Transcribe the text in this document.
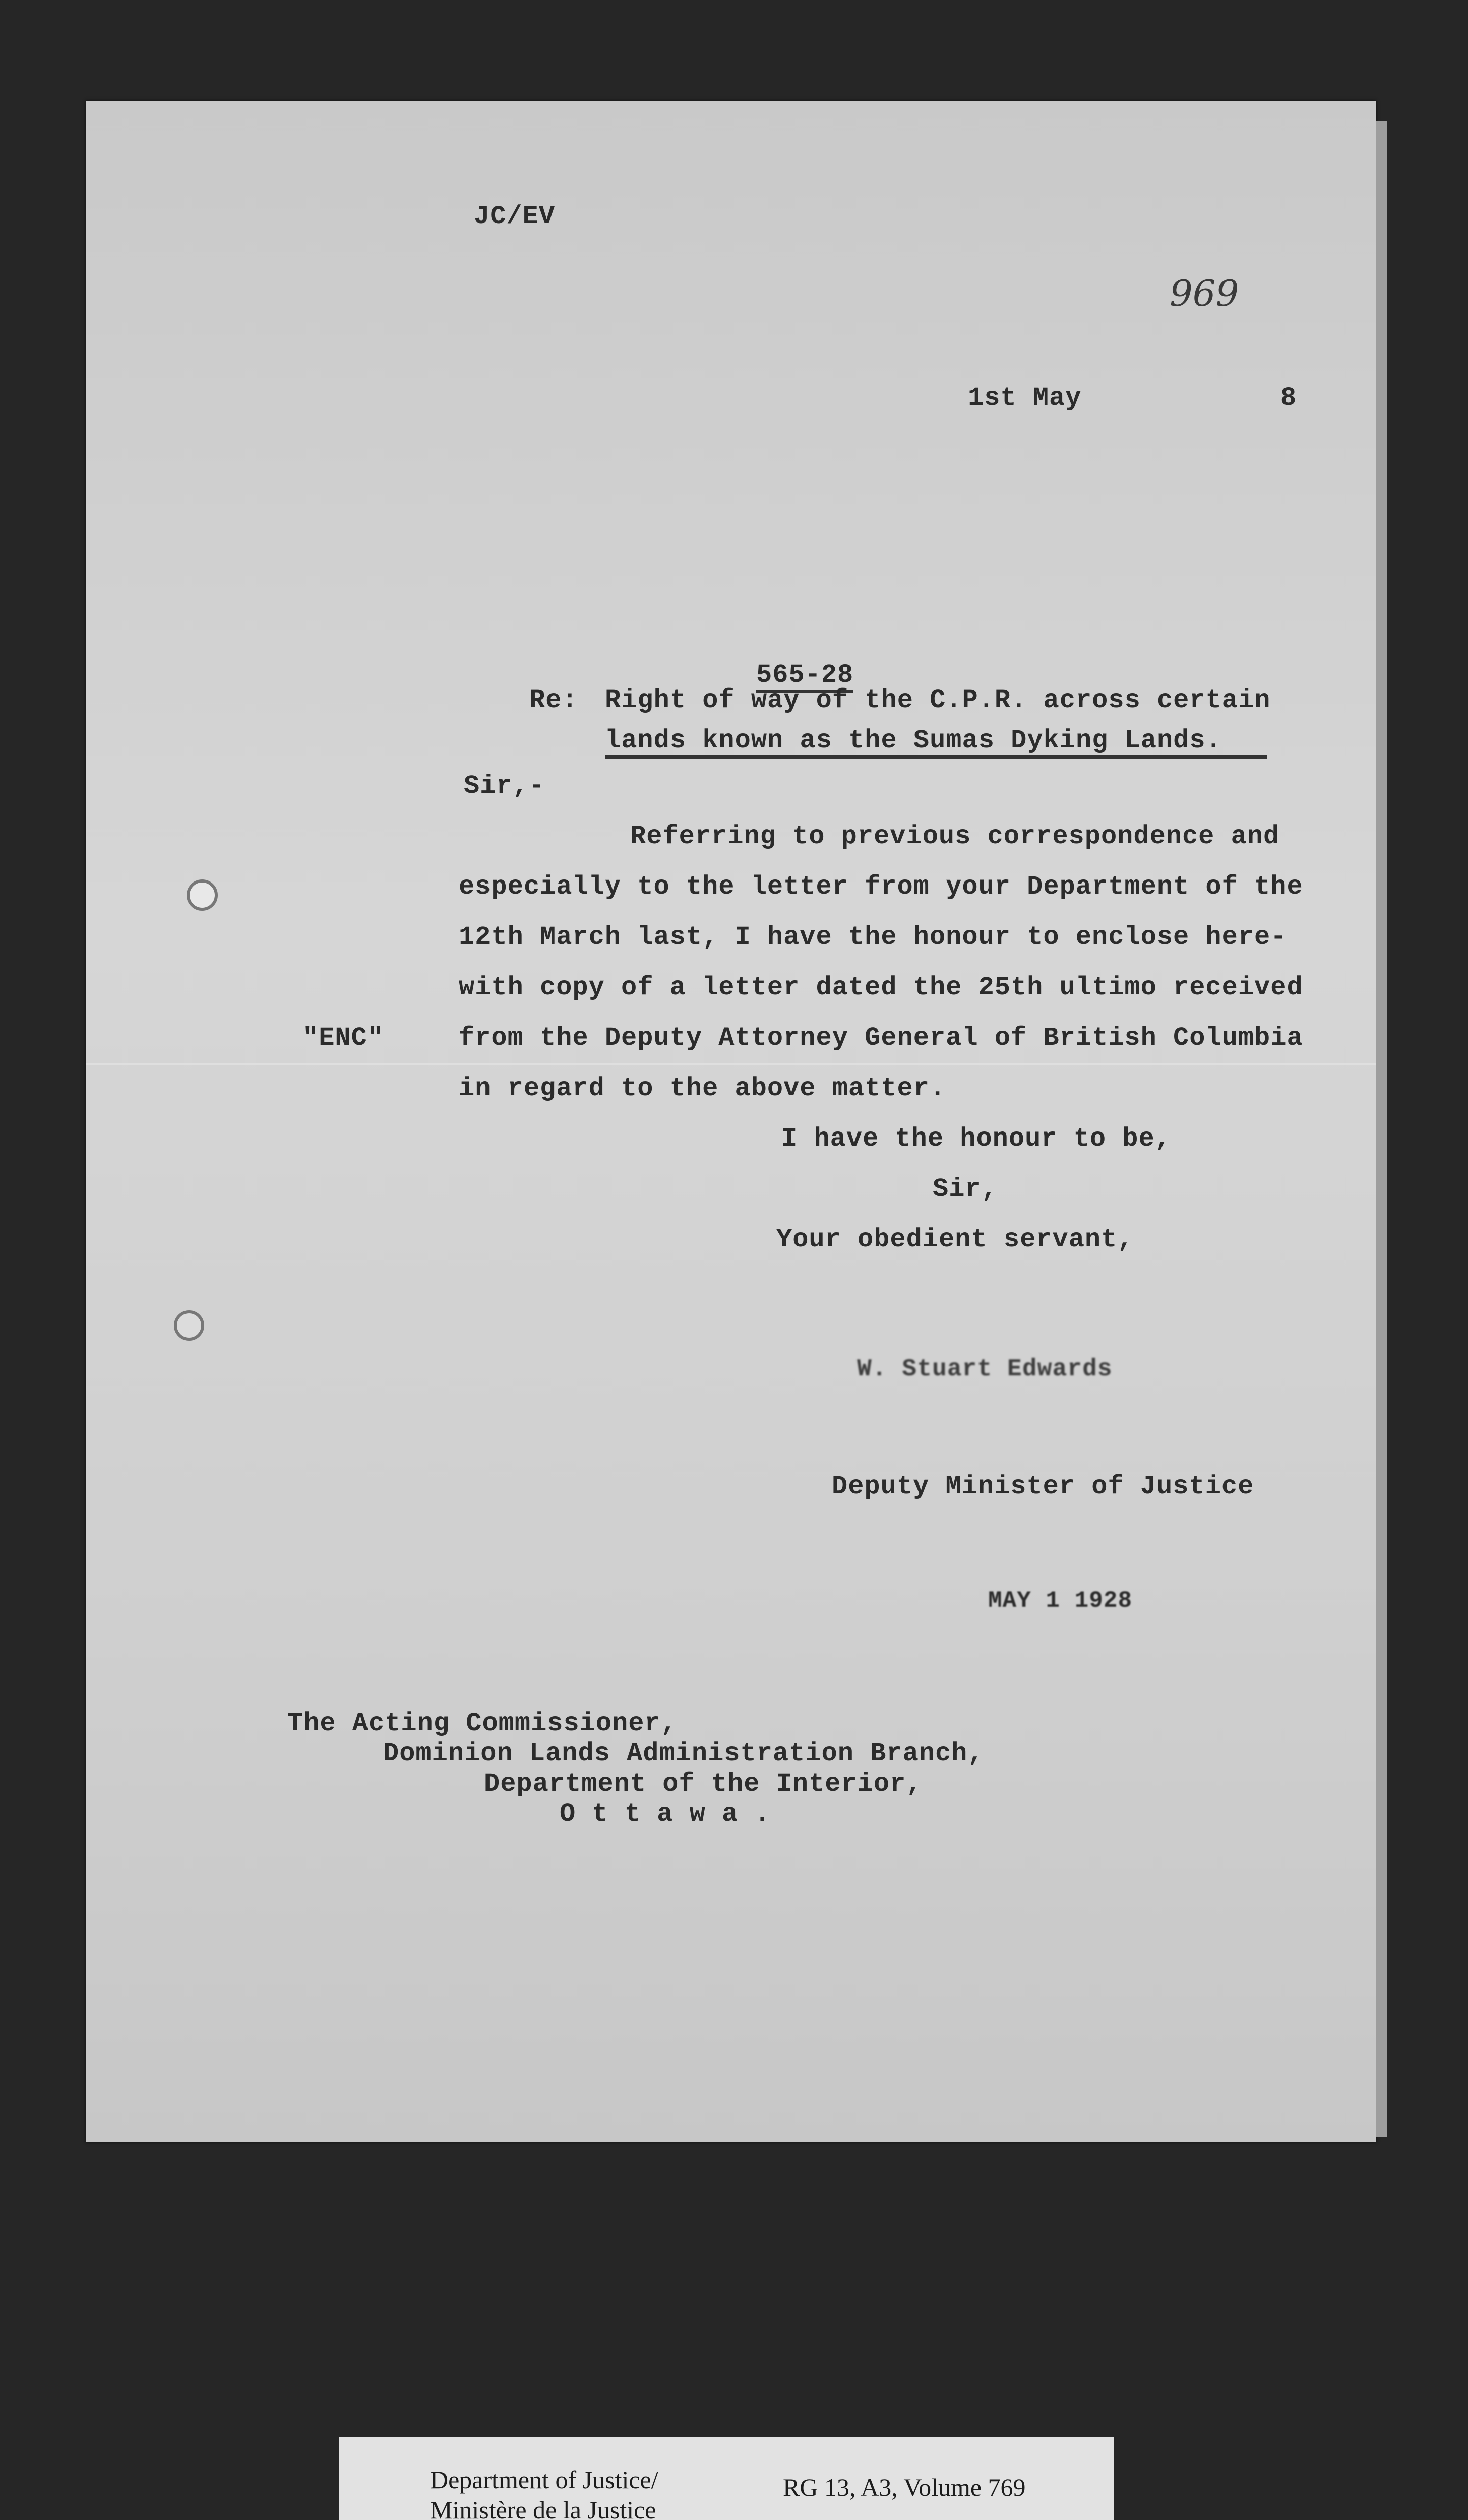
JC/EV
969
1st May	8
565-28
Re: Right of way of the C.P.R. across certain
lands known as the Sumas Dyking Lands.
Sir,-
Referring to previous correspondence and
especially to the letter from your Department of the
12th March last, I have the honour to enclose here-
with copy of a letter dated the 25th ultimo received
"ENC"	from the Deputy Attorney General of British Columbia
in regard to the above matter.
I have the honour to be,
Sir,
Your obedient servant,
W. Stuart Edwards
Deputy Minister of Justice
MAY 1 1928
The Acting Commissioner,
Dominion Lands Administration Branch,
Department of the Interior,
O t t a w a .
Department of Justice/
Ministère de la Justice
RG 13, A3, Volume 769
